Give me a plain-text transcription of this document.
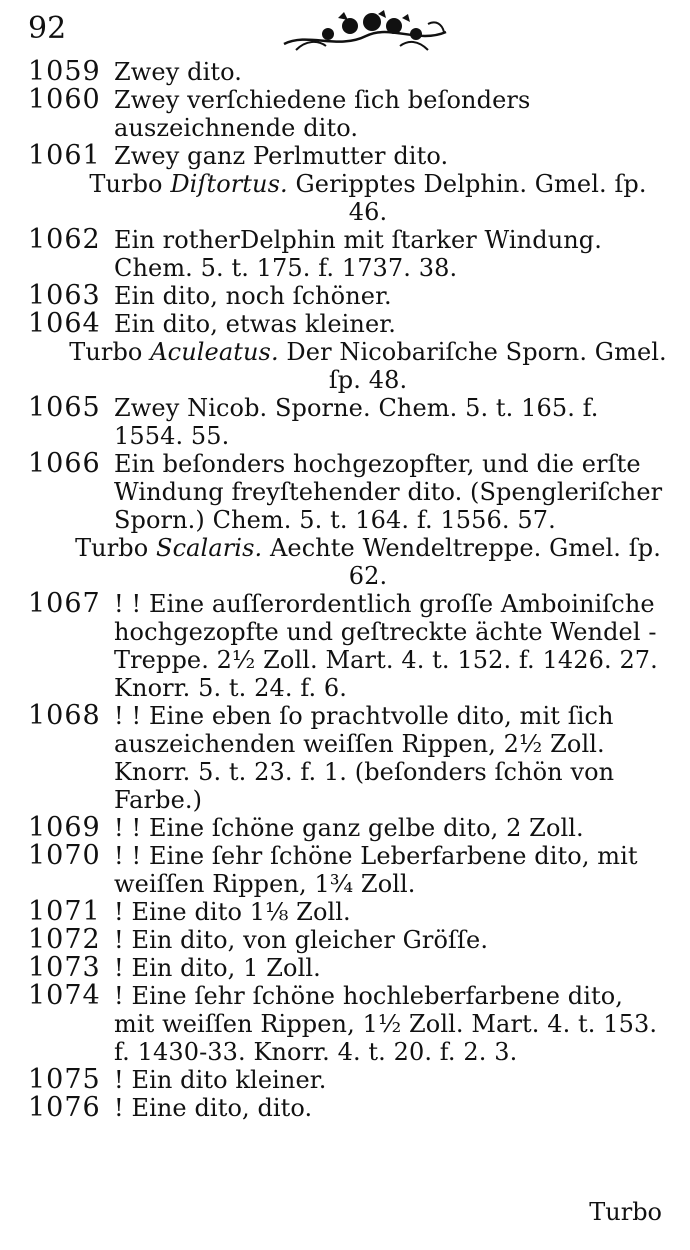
92

1059 Zwey dito.

1060 Zwey verſchiedene ſich beſonders auszeichnende dito.

1061 Zwey ganz Perlmutter dito.

Turbo Diſtortus. Geripptes Delphin. Gmel. ſp. 46.

1062 Ein rotherDelphin mit ſtarker Windung. Chem. 5. t. 175. f. 1737. 38.

1063 Ein dito, noch ſchöner.

1064 Ein dito, etwas kleiner.

Turbo Aculeatus. Der Nicobariſche Sporn. Gmel. ſp. 48.

1065 Zwey Nicob. Sporne. Chem. 5. t. 165. f. 1554. 55.

1066 Ein beſonders hochgezopfter, und die erſte Windung freyſtehender dito. (Spengleriſcher Sporn.) Chem. 5. t. 164. f. 1556. 57.

Turbo Scalaris. Aechte Wendeltreppe. Gmel. ſp. 62.

1067 ! ! Eine auſſerordentlich groſſe Amboiniſche hochgezopfte und geſtreckte ächte Wendel - Treppe. 2½ Zoll. Mart. 4. t. 152. f. 1426. 27. Knorr. 5. t. 24. f. 6.

1068 ! ! Eine eben ſo prachtvolle dito, mit ſich auszeichenden weiſſen Rippen, 2½ Zoll. Knorr. 5. t. 23. f. 1. (beſonders ſchön von Farbe.)

1069 ! ! Eine ſchöne ganz gelbe dito, 2 Zoll.

1070 ! ! Eine ſehr ſchöne Leberfarbene dito, mit weiſſen Rippen, 1¾ Zoll.

1071 ! Eine dito 1⅛ Zoll.

1072 ! Ein dito, von gleicher Gröſſe.

1073 ! Ein dito, 1 Zoll.

1074 ! Eine ſehr ſchöne hochleberfarbene dito, mit weiſſen Rippen, 1½ Zoll. Mart. 4. t. 153. f. 1430-33. Knorr. 4. t. 20. f. 2. 3.

1075 ! Ein dito kleiner.

1076 ! Eine dito, dito.

Turbo
